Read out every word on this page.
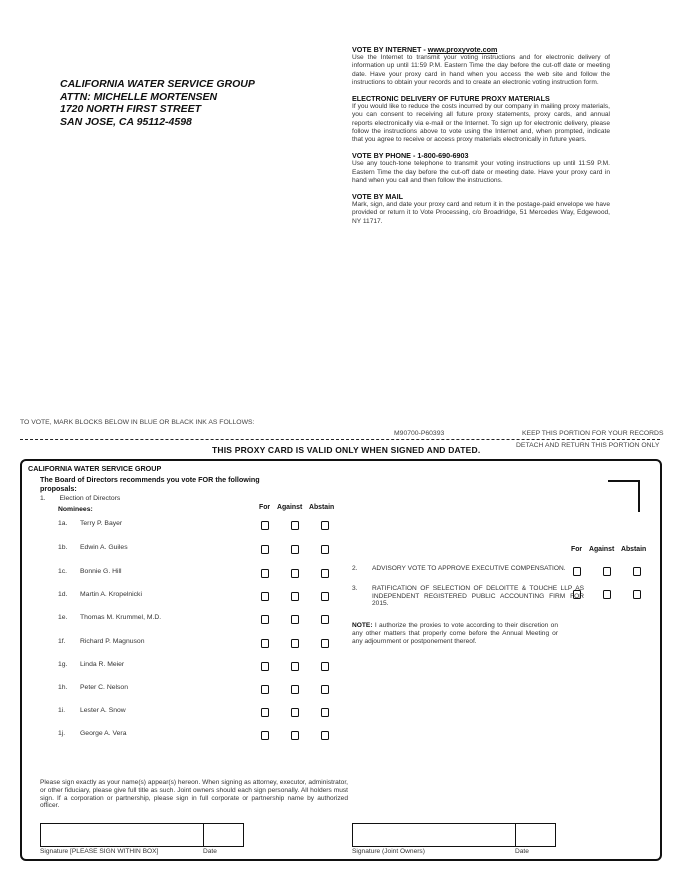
CALIFORNIA WATER SERVICE GROUP
ATTN: MICHELLE MORTENSEN
1720 NORTH FIRST STREET
SAN JOSE, CA 95112-4598
VOTE BY INTERNET - www.proxyvote.com

Use the Internet to transmit your voting instructions and for electronic delivery of information up until 11:59 P.M. Eastern Time the day before the cut-off date or meeting date. Have your proxy card in hand when you access the web site and follow the instructions to obtain your records and to create an electronic voting instruction form.

ELECTRONIC DELIVERY OF FUTURE PROXY MATERIALS

If you would like to reduce the costs incurred by our company in mailing proxy materials, you can consent to receiving all future proxy statements, proxy cards, and annual reports electronically via e-mail or the Internet. To sign up for electronic delivery, please follow the instructions above to vote using the Internet and, when prompted, indicate that you agree to receive or access proxy materials electronically in future years.

VOTE BY PHONE - 1-800-690-6903

Use any touch-tone telephone to transmit your voting instructions up until 11:59 P.M. Eastern Time the day before the cut-off date or meeting date. Have your proxy card in hand when you call and then follow the instructions.

VOTE BY MAIL

Mark, sign, and date your proxy card and return it in the postage-paid envelope we have provided or return it to Vote Processing, c/o Broadridge, 51 Mercedes Way, Edgewood, NY 11717.

TO VOTE, MARK BLOCKS BELOW IN BLUE OR BLACK INK AS FOLLOWS:
M90700-P60393	KEEP THIS PORTION FOR YOUR RECORDS
DETACH AND RETURN THIS PORTION ONLY
THIS PROXY CARD IS VALID ONLY WHEN SIGNED AND DATED.
CALIFORNIA WATER SERVICE GROUP
The Board of Directors recommends you vote FOR the following proposals:
1. Election of Directors
Nominees:	For Against Abstain
1a. Terry P. Bayer
1b. Edwin A. Guiles
1c. Bonnie G. Hill
1d. Martin A. Kropelnicki
1e. Thomas M. Krummel, M.D.
1f. Richard P. Magnuson
1g. Linda R. Meier
1h. Peter C. Nelson
1i. Lester A. Snow
1j. George A. Vera
For Against Abstain
2. ADVISORY VOTE TO APPROVE EXECUTIVE COMPENSATION.
3. RATIFICATION OF SELECTION OF DELOITTE & TOUCHE LLP AS INDEPENDENT REGISTERED PUBLIC ACCOUNTING FIRM FOR 2015.
NOTE: I authorize the proxies to vote according to their discretion on any other matters that properly come before the Annual Meeting or any adjournment or postponement thereof.
Please sign exactly as your name(s) appear(s) hereon. When signing as attorney, executor, administrator, or other fiduciary, please give full title as such. Joint owners should each sign personally. All holders must sign. If a corporation or partnership, please sign in full corporate or partnership name by authorized officer.
Signature [PLEASE SIGN WITHIN BOX]	Date	Signature (Joint Owners)	Date
